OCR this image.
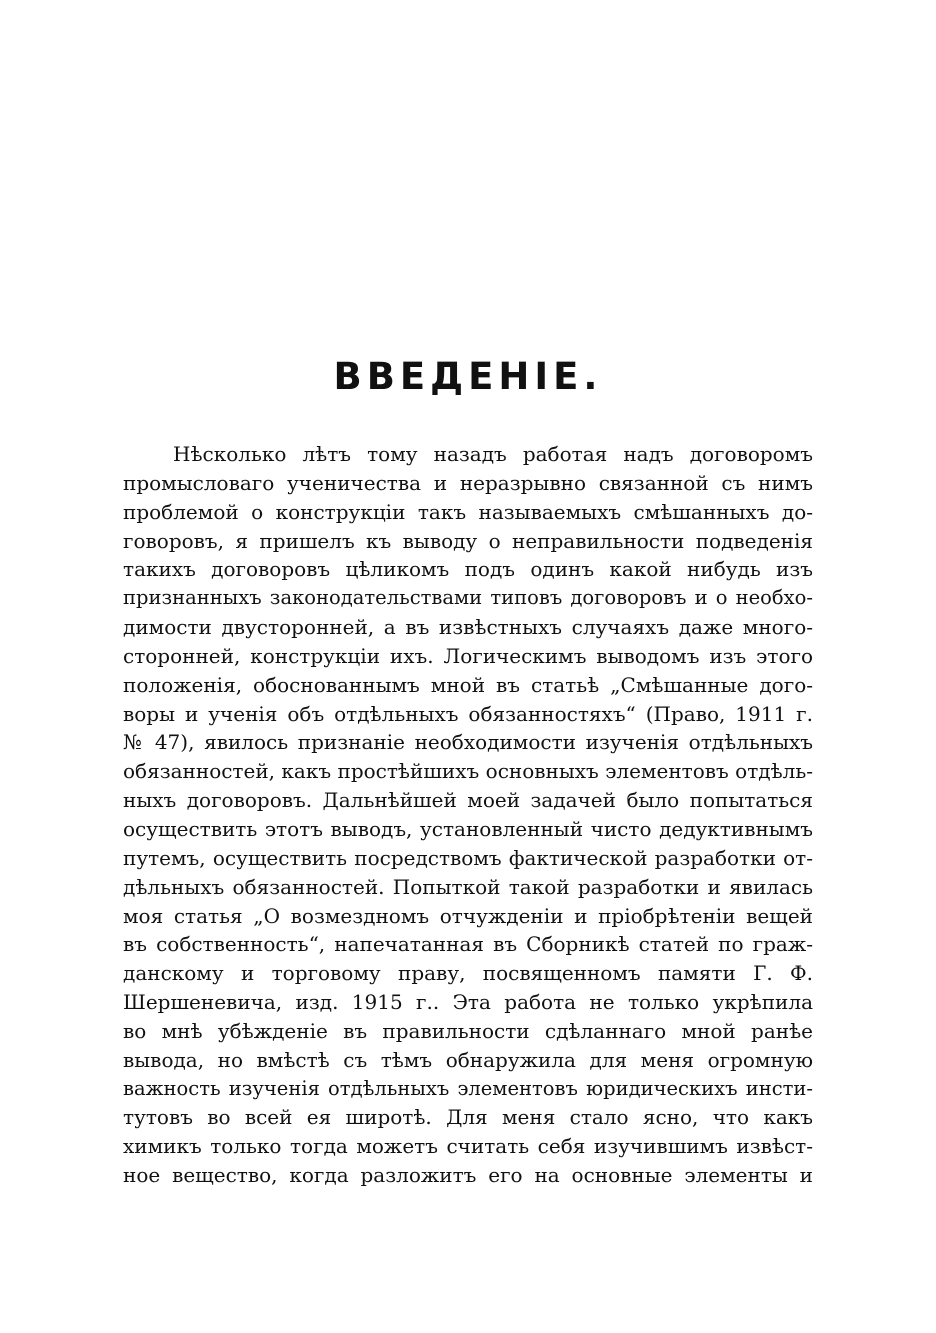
ВВЕДЕНIЕ.
Нѣсколько лѣтъ тому назадъ работая надъ договоромъ
промысловаго ученичества и неразрывно связанной съ нимъ
проблемой о конструкцiи такъ называемыхъ смѣшанныхъ до-
говоровъ, я пришелъ къ выводу о неправильности подведенiя
такихъ договоровъ цѣликомъ подъ одинъ какой нибудь изъ
признанныхъ законодательствами типовъ договоровъ и о необхо-
димости двусторонней, а въ извѣстныхъ случаяхъ даже много-
сторонней, конструкцiи ихъ. Логическимъ выводомъ изъ этого
положенiя, обоснованнымъ мной въ статьѣ „Смѣшанные дого-
воры и ученiя объ отдѣльныхъ обязанностяхъ“ (Право, 1911 г.
№ 47), явилось признанiе необходимости изученiя отдѣльныхъ
обязанностей, какъ простѣйшихъ основныхъ элементовъ отдѣль-
ныхъ договоровъ. Дальнѣйшей моей задачей было попытаться
осуществить этотъ выводъ, установленный чисто дедуктивнымъ
путемъ, осуществить посредствомъ фактической разработки от-
дѣльныхъ обязанностей. Попыткой такой разработки и явилась
моя статья „О возмездномъ отчужденiи и прiобрѣтенiи вещей
въ собственность“, напечатанная въ Сборникѣ статей по граж-
данскому и торговому праву, посвященномъ памяти Г. Ф.
Шершеневича, изд. 1915 г.. Эта работа не только укрѣпила
во мнѣ убѣжденiе въ правильности сдѣланнаго мной ранѣе
вывода, но вмѣстѣ съ тѣмъ обнаружила для меня огромную
важность изученiя отдѣльныхъ элементовъ юридическихъ инсти-
тутовъ во всей ея широтѣ. Для меня стало ясно, что какъ
химикъ только тогда можетъ считать себя изучившимъ извѣст-
ное вещество, когда разложитъ его на основные элементы и
